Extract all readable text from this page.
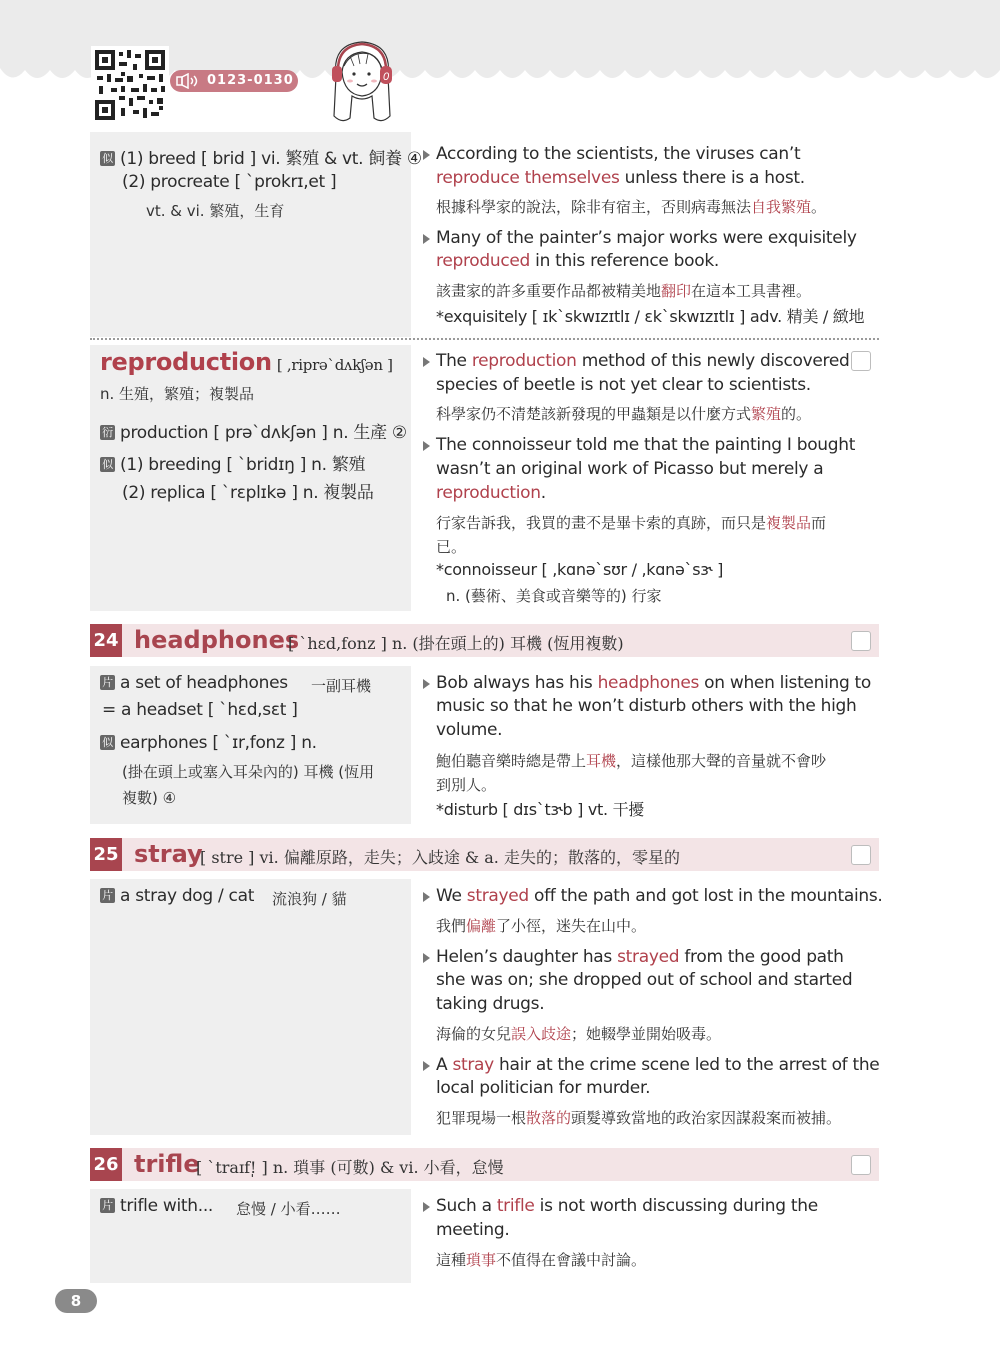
0123-0130	0
似 (1) breed [ brid ] vi. 繁殖 & vt. 飼養 ④
(2) procreate [ ˋprokrɪ,et ]
vt. & vi. 繁殖，生育
According to the scientists, the viruses can’t
reproduce themselves unless there is a host.
根據科學家的說法，除非有宿主，否則病毒無法自我繁殖。
Many of the painter’s major works were exquisitely
reproduced in this reference book.
該畫家的許多重要作品都被精美地翻印在這本工具書裡。
*exquisitely [ ɪkˋskwɪzɪtlɪ / ɛkˋskwɪzɪtlɪ ] adv. 精美 / 緻地
reproduction [ ,riprəˋdʌkʃən ]
n. 生殖，繁殖；複製品
衍 production [ prəˋdʌkʃən ] n. 生產 ②
似 (1) breeding [ ˋbridɪŋ ] n. 繁殖
(2) replica [ ˋrɛplɪkə ] n. 複製品
The reproduction method of this newly discovered
species of beetle is not yet clear to scientists.
科學家仍不清楚該新發現的甲蟲類是以什麼方式繁殖的。
The connoisseur told me that the painting I bought
wasn’t an original work of Picasso but merely a
reproduction.
行家告訴我，我買的畫不是畢卡索的真跡，而只是複製品而
已。
*connoisseur [ ,kɑnəˋsʊr / ,kɑnəˋsɝ ]
n. (藝術、美食或音樂等的) 行家
24 headphones
[ ˋhɛd,fonz ] n. (掛在頭上的) 耳機 (恆用複數)
片 a set of headphones 一副耳機
= a headset [ ˋhɛd,sɛt ]
似 earphones [ ˋɪr,fonz ] n.
(掛在頭上或塞入耳朵內的) 耳機 (恆用
複數) ④
Bob always has his headphones on when listening to
music so that he won’t disturb others with the high
volume.
鮑伯聽音樂時總是帶上耳機，這樣他那大聲的音量就不會吵
到別人。
*disturb [ dɪsˋtɝb ] vt. 干擾
25 stray
[ stre ] vi. 偏離原路，走失；入歧途 & a. 走失的；散落的，零星的
片 a stray dog / cat 流浪狗 / 貓	We strayed off the path and got lost in the mountains.
我們偏離了小徑，迷失在山中。
Helen’s daughter has strayed from the good path
she was on; she dropped out of school and started
taking drugs.
海倫的女兒誤入歧途；她輟學並開始吸毒。
A stray hair at the crime scene led to the arrest of the
local politician for murder.
犯罪現場一根散落的頭髮導致當地的政治家因謀殺案而被捕。
26 trifle
[ ˋtraɪf!̩ ] n. 瑣事 (可數) & vi. 小看，怠慢
片 trifle with... 怠慢 / 小看……	Such a trifle is not worth discussing during the
meeting.
這種瑣事不值得在會議中討論。
8
